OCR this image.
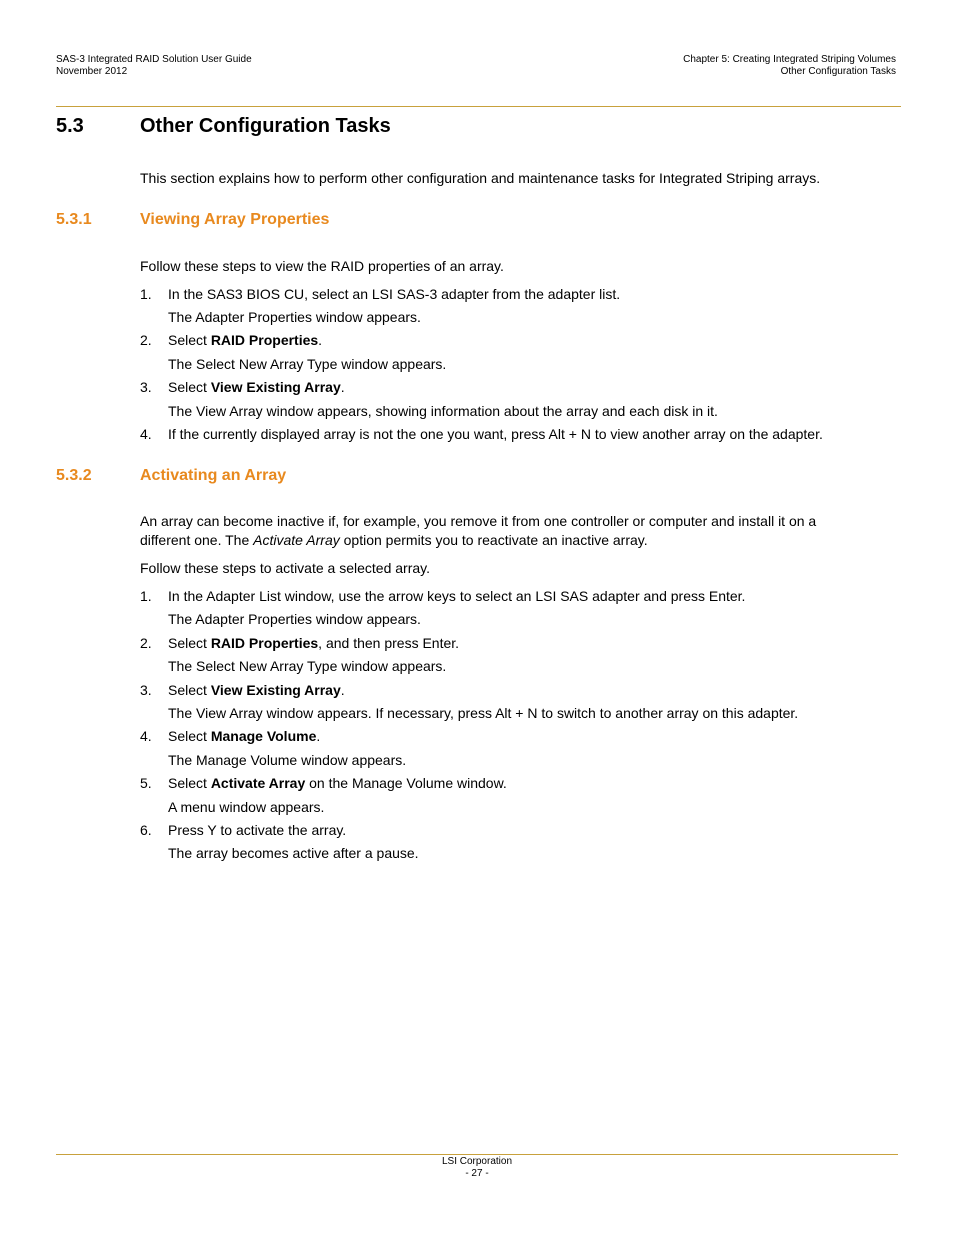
SAS-3 Integrated RAID Solution User Guide
November 2012
Chapter 5: Creating Integrated Striping Volumes
Other Configuration Tasks
5.3	Other Configuration Tasks
This section explains how to perform other configuration and maintenance tasks for Integrated Striping arrays.
5.3.1	Viewing Array Properties
Follow these steps to view the RAID properties of an array.
1. In the SAS3 BIOS CU, select an LSI SAS-3 adapter from the adapter list.
The Adapter Properties window appears.
2. Select RAID Properties.
The Select New Array Type window appears.
3. Select View Existing Array.
The View Array window appears, showing information about the array and each disk in it.
4. If the currently displayed array is not the one you want, press Alt + N to view another array on the adapter.
5.3.2	Activating an Array
An array can become inactive if, for example, you remove it from one controller or computer and install it on a different one. The Activate Array option permits you to reactivate an inactive array.
Follow these steps to activate a selected array.
1. In the Adapter List window, use the arrow keys to select an LSI SAS adapter and press Enter.
The Adapter Properties window appears.
2. Select RAID Properties, and then press Enter.
The Select New Array Type window appears.
3. Select View Existing Array.
The View Array window appears. If necessary, press Alt + N to switch to another array on this adapter.
4. Select Manage Volume.
The Manage Volume window appears.
5. Select Activate Array on the Manage Volume window.
A menu window appears.
6. Press Y to activate the array.
The array becomes active after a pause.
LSI Corporation
- 27 -
